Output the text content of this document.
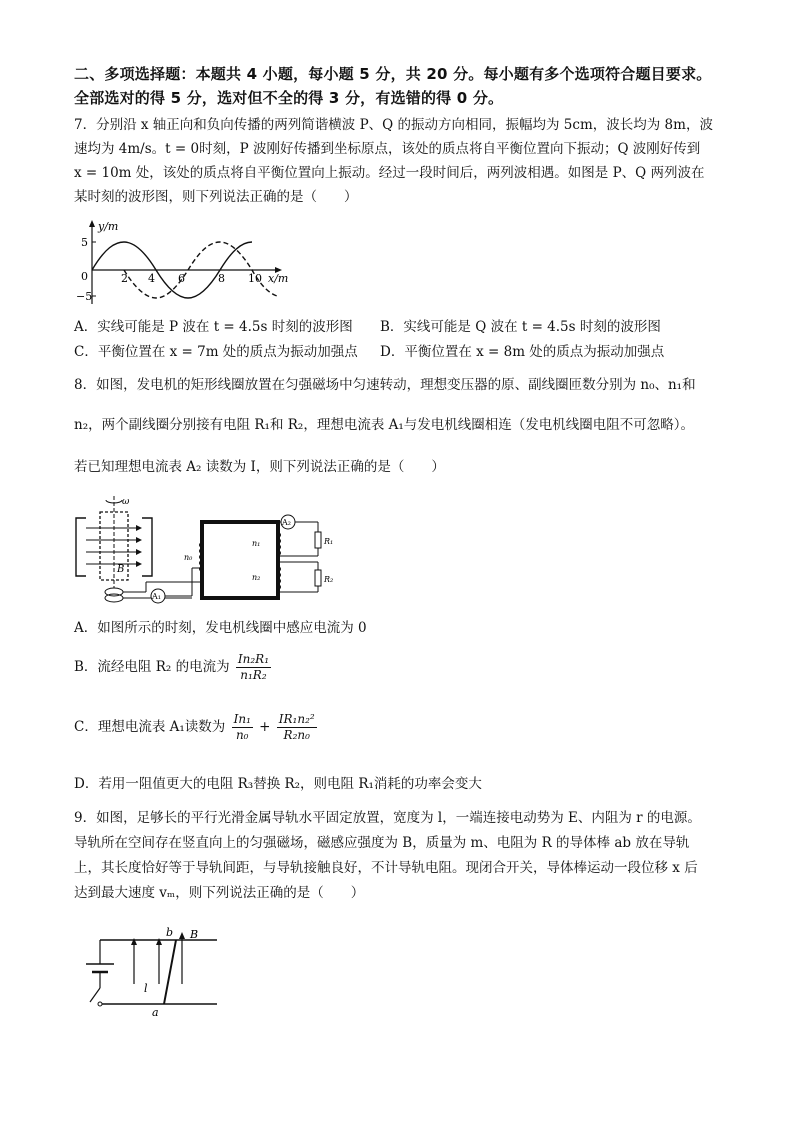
二、多项选择题：本题共 4 小题，每小题 5 分，共 20 分。每小题有多个选项符合题目要求。全部选对的得 5 分，选对但不全的得 3 分，有选错的得 0 分。
7．分别沿 x 轴正向和负向传播的两列简谐横波 P、Q 的振动方向相同，振幅均为 5cm，波长均为 8m，波
速均为 4m/s。t = 0时刻，P 波刚好传播到坐标原点，该处的质点将自平衡位置向下振动；Q 波刚好传到
x = 10m 处，该处的质点将自平衡位置向上振动。经过一段时间后，两列波相遇。如图是 P、Q 两列波在
某时刻的波形图，则下列说法正确的是（　　）
y/m
x/m
5
0
−5
2 4 6	8 10
A．实线可能是 P 波在 t = 4.5s 时刻的波形图 B．实线可能是 Q 波在 t = 4.5s 时刻的波形图
C．平衡位置在 x = 7m 处的质点为振动加强点 D．平衡位置在 x = 8m 处的质点为振动加强点
8．如图，发电机的矩形线圈放置在匀强磁场中匀速转动，理想变压器的原、副线圈匝数分别为 n₀、n₁和
n₂，两个副线圈分别接有电阻 R₁和 R₂，理想电流表 A₁与发电机线圈相连（发电机线圈电阻不可忽略）。
若已知理想电流表 A₂ 读数为 I，则下列说法正确的是（　　）
ω
B
A₁
n₀
n₁
n₂
A₂
R₁
R₂
A．如图所示的时刻，发电机线圈中感应电流为 0
B．流经电阻 R₂ 的电流为 $\frac{\text{In₂R₁}}{\text{n₁R₂}}$
C．理想电流表 A₁读数为 $\frac{\text{In₁}}{\text{n₀}} + \frac{\text{IR₁n₂²}}{\text{R₂n₀}}$
D．若用一阻值更大的电阻 R₃替换 R₂，则电阻 R₁消耗的功率会变大
9．如图，足够长的平行光滑金属导轨水平固定放置，宽度为 l，一端连接电动势为 E、内阻为 r 的电源。
导轨所在空间存在竖直向上的匀强磁场，磁感应强度为 B，质量为 m、电阻为 R 的导体棒 ab 放在导轨
上，其长度恰好等于导轨间距，与导轨接触良好，不计导轨电阻。现闭合开关，导体棒运动一段位移 x 后
达到最大速度 vₘ，则下列说法正确的是（　　）
b B
l
a
